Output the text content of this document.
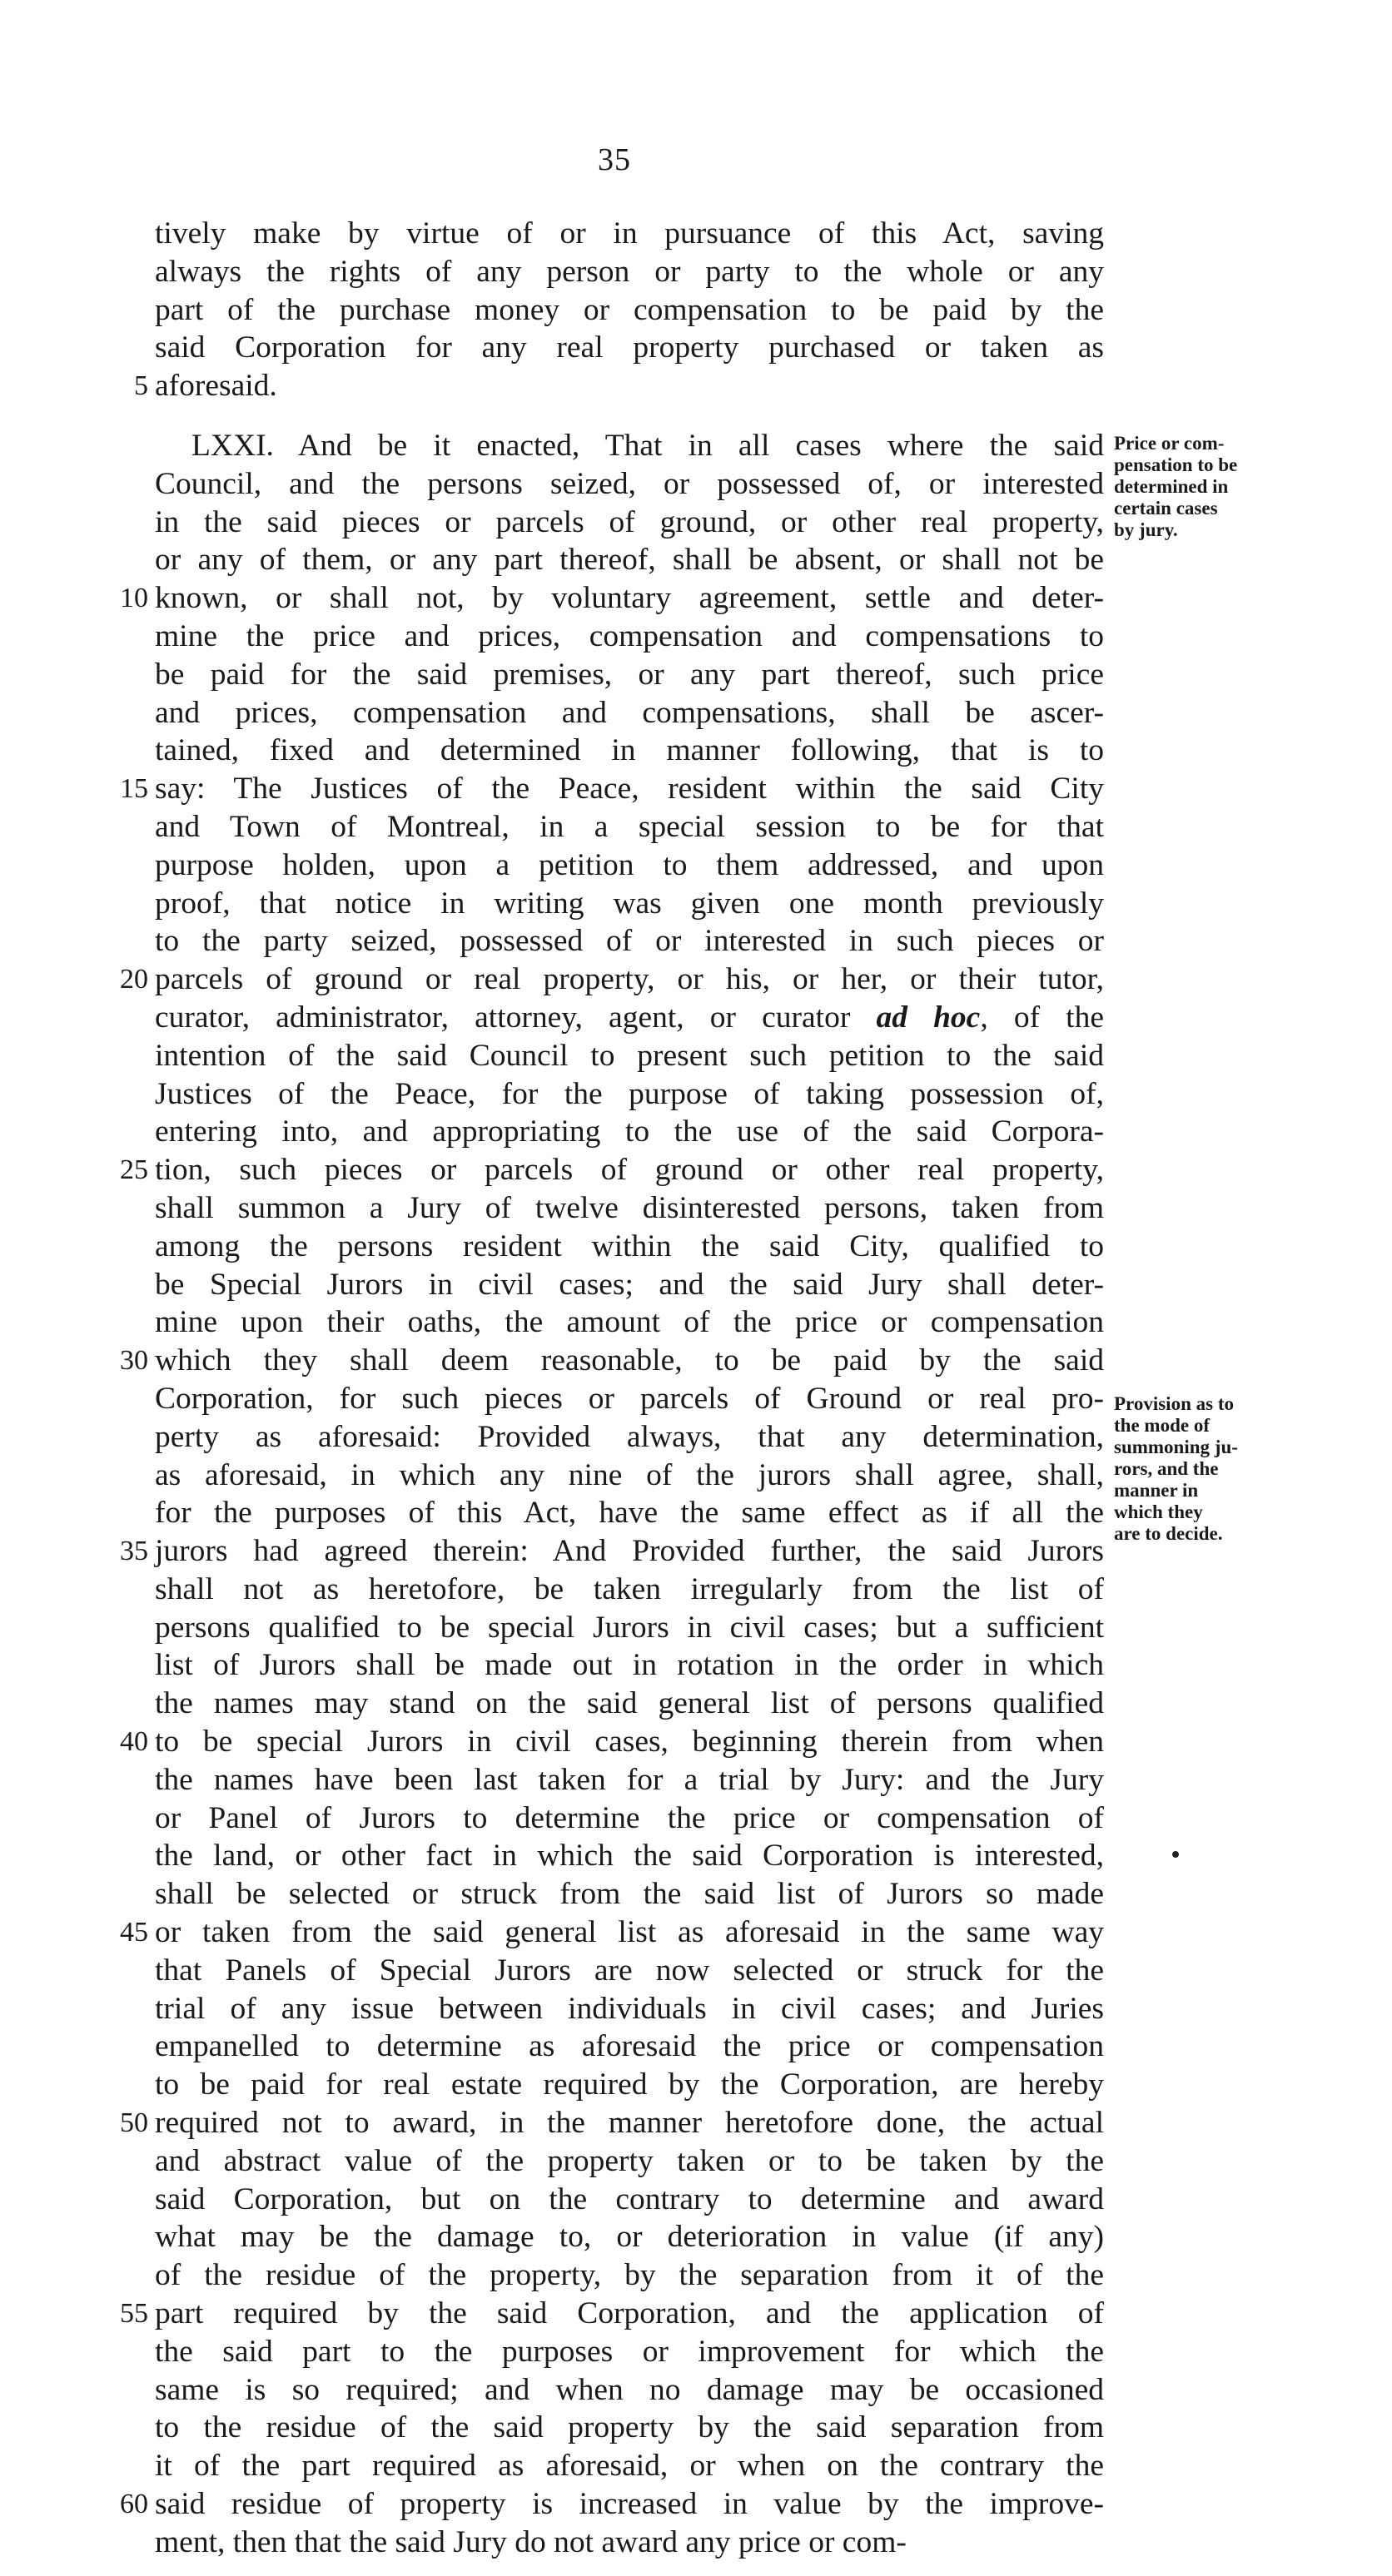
35
tively make by virtue of or in pursuance of this Act, saving
always the rights of any person or party to the whole or any
part of the purchase money or compensation to be paid by the
said Corporation for any real property purchased or taken as
5 aforesaid.
LXXI. And be it enacted, That in all cases where the said
Council, and the persons seized, or possessed of, or interested
in the said pieces or parcels of ground, or other real property,
or any of them, or any part thereof, shall be absent, or shall not be
10 known, or shall not, by voluntary agreement, settle and deter-
mine the price and prices, compensation and compensations to
be paid for the said premises, or any part thereof, such price
and prices, compensation and compensations, shall be ascer-
tained, fixed and determined in manner following, that is to
15 say: The Justices of the Peace, resident within the said City
and Town of Montreal, in a special session to be for that
purpose holden, upon a petition to them addressed, and upon
proof, that notice in writing was given one month previously
to the party seized, possessed of or interested in such pieces or
20 parcels of ground or real property, or his, or her, or their tutor,
curator, administrator, attorney, agent, or curator ad hoc, of the
intention of the said Council to present such petition to the said
Justices of the Peace, for the purpose of taking possession of,
entering into, and appropriating to the use of the said Corpora-
25 tion, such pieces or parcels of ground or other real property,
shall summon a Jury of twelve disinterested persons, taken from
among the persons resident within the said City, qualified to
be Special Jurors in civil cases; and the said Jury shall deter-
mine upon their oaths, the amount of the price or compensation
30 which they shall deem reasonable, to be paid by the said
Corporation, for such pieces or parcels of Ground or real pro-
perty as aforesaid: Provided always, that any determination,
as aforesaid, in which any nine of the jurors shall agree, shall,
for the purposes of this Act, have the same effect as if all the
35 jurors had agreed therein: And Provided further, the said Jurors
shall not as heretofore, be taken irregularly from the list of
persons qualified to be special Jurors in civil cases; but a sufficient
list of Jurors shall be made out in rotation in the order in which
the names may stand on the said general list of persons qualified
40 to be special Jurors in civil cases, beginning therein from when
the names have been last taken for a trial by Jury: and the Jury
or Panel of Jurors to determine the price or compensation of
the land, or other fact in which the said Corporation is interested,
shall be selected or struck from the said list of Jurors so made
45 or taken from the said general list as aforesaid in the same way
that Panels of Special Jurors are now selected or struck for the
trial of any issue between individuals in civil cases; and Juries
empanelled to determine as aforesaid the price or compensation
to be paid for real estate required by the Corporation, are hereby
50 required not to award, in the manner heretofore done, the actual
and abstract value of the property taken or to be taken by the
said Corporation, but on the contrary to determine and award
what may be the damage to, or deterioration in value (if any)
of the residue of the property, by the separation from it of the
55 part required by the said Corporation, and the application of
the said part to the purposes or improvement for which the
same is so required; and when no damage may be occasioned
to the residue of the said property by the said separation from
it of the part required as aforesaid, or when on the contrary the
60 said residue of property is increased in value by the improve-
ment, then that the said Jury do not award any price or com-
Price or com-
pensation to be
determined in
certain cases
by jury.
Provision as to
the mode of
summoning ju-
rors, and the
manner in
which they
are to decide.
